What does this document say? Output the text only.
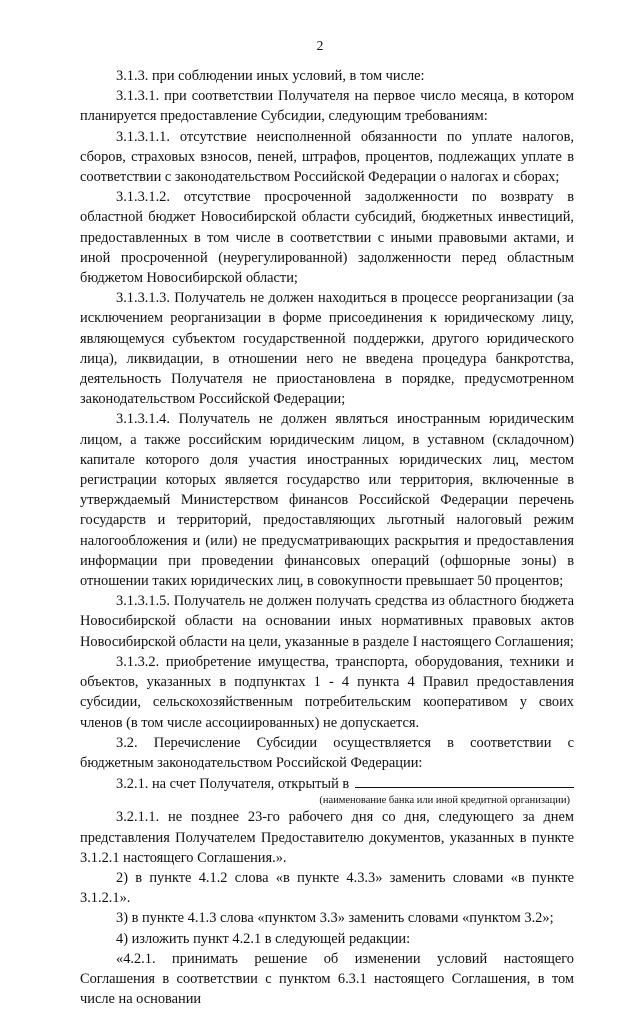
2

3.1.3. при соблюдении иных условий, в том числе:

3.1.3.1. при соответствии Получателя на первое число месяца, в котором планируется предоставление Субсидии, следующим требованиям:

3.1.3.1.1. отсутствие неисполненной обязанности по уплате налогов, сборов, страховых взносов, пеней, штрафов, процентов, подлежащих уплате в соответствии с законодательством Российской Федерации о налогах и сборах;

3.1.3.1.2. отсутствие просроченной задолженности по возврату в областной бюджет Новосибирской области субсидий, бюджетных инвестиций, предоставленных в том числе в соответствии с иными правовыми актами, и иной просроченной (неурегулированной) задолженности перед областным бюджетом Новосибирской области;

3.1.3.1.3. Получатель не должен находиться в процессе реорганизации (за исключением реорганизации в форме присоединения к юридическому лицу, являющемуся субъектом государственной поддержки, другого юридического лица), ликвидации, в отношении него не введена процедура банкротства, деятельность Получателя не приостановлена в порядке, предусмотренном законодательством Российской Федерации;

3.1.3.1.4. Получатель не должен являться иностранным юридическим лицом, а также российским юридическим лицом, в уставном (складочном) капитале которого доля участия иностранных юридических лиц, местом регистрации которых является государство или территория, включенные в утверждаемый Министерством финансов Российской Федерации перечень государств и территорий, предоставляющих льготный налоговый режим налогообложения и (или) не предусматривающих раскрытия и предоставления информации при проведении финансовых операций (офшорные зоны) в отношении таких юридических лиц, в совокупности превышает 50 процентов;

3.1.3.1.5. Получатель не должен получать средства из областного бюджета Новосибирской области на основании иных нормативных правовых актов Новосибирской области на цели, указанные в разделе I настоящего Соглашения;

3.1.3.2. приобретение имущества, транспорта, оборудования, техники и объектов, указанных в подпунктах 1 - 4 пункта 4 Правил предоставления субсидии, сельскохозяйственным потребительским кооперативом у своих членов (в том числе ассоциированных) не допускается.

3.2. Перечисление Субсидии осуществляется в соответствии с бюджетным законодательством Российской Федерации:

3.2.1. на счет Получателя, открытый в

(наименование банка или иной кредитной организации)

3.2.1.1. не позднее 23-го рабочего дня со дня, следующего за днем представления Получателем Предоставителю документов, указанных в пункте 3.1.2.1 настоящего Соглашения.».

2) в пункте 4.1.2 слова «в пункте 4.3.3» заменить словами «в пункте 3.1.2.1».

3) в пункте 4.1.3 слова «пунктом 3.3» заменить словами «пунктом 3.2»;

4) изложить пункт 4.2.1 в следующей редакции:

«4.2.1. принимать решение об изменении условий настоящего Соглашения в соответствии с пунктом 6.3.1 настоящего Соглашения, в том числе на основании
